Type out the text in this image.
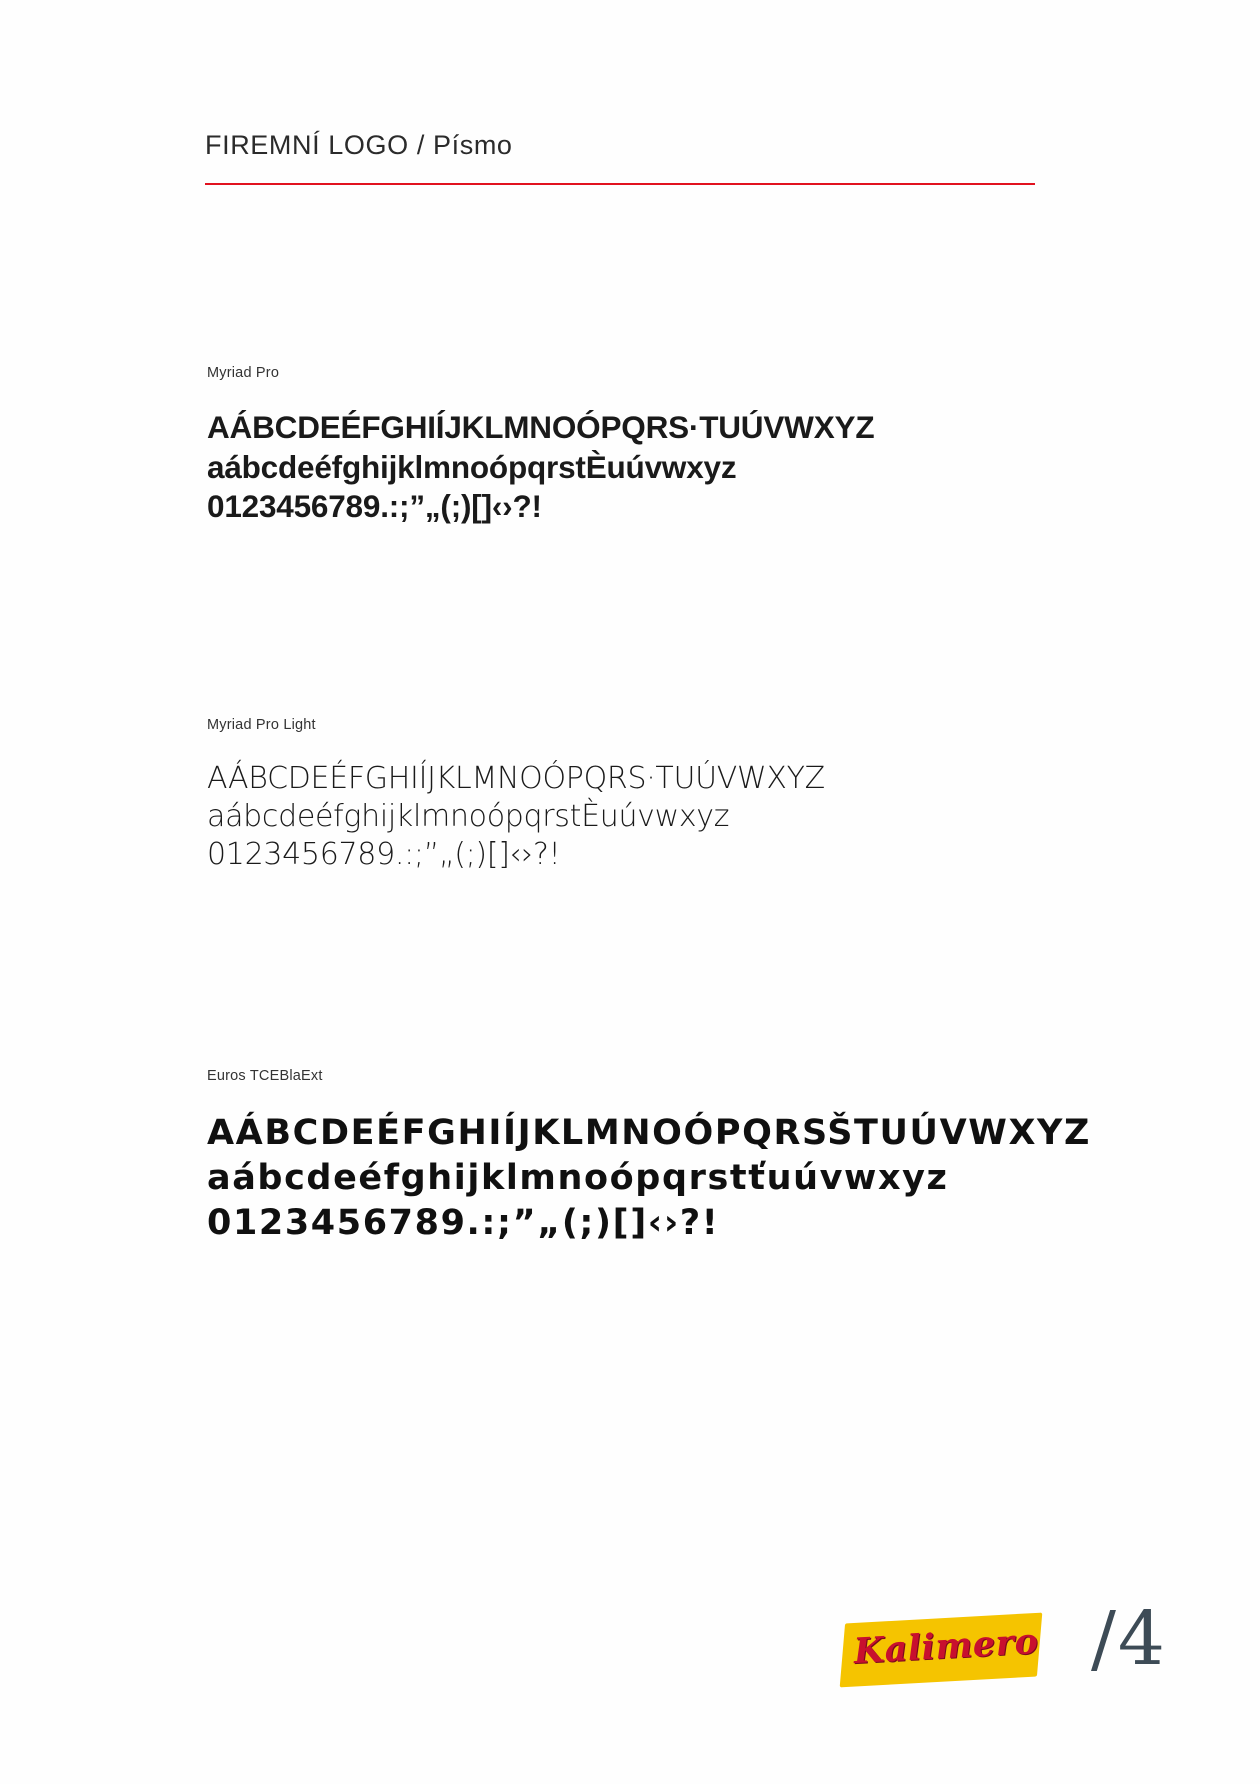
FIREMNÍ LOGO / Písmo
Myriad Pro
AÁBCDEÉFGHIÍJKLMNOÓPQRS·TUÚVWXYZ
aábcdeéfghijklmnoópqrstÈuúvwxyz
0123456789.:;”„(;)[]‹›?!
Myriad Pro Light
AÁBCDEÉFGHIÍJKLMNOÓPQRS·TUÚVWXYZ
aábcdeéfghijklmnoópqrstÈuúvwxyz
0123456789.:;”„(;)[]‹›?!
Euros TCEBlaExt
AÁBCDEÉFGHIÍJKLMNOÓPQRSŠTUÚVWXYZ
aábcdeéfghijklmnoópqrstťuúvwxyz
0123456789.:;”„(;)[]‹›?!
Kalimero / 4
